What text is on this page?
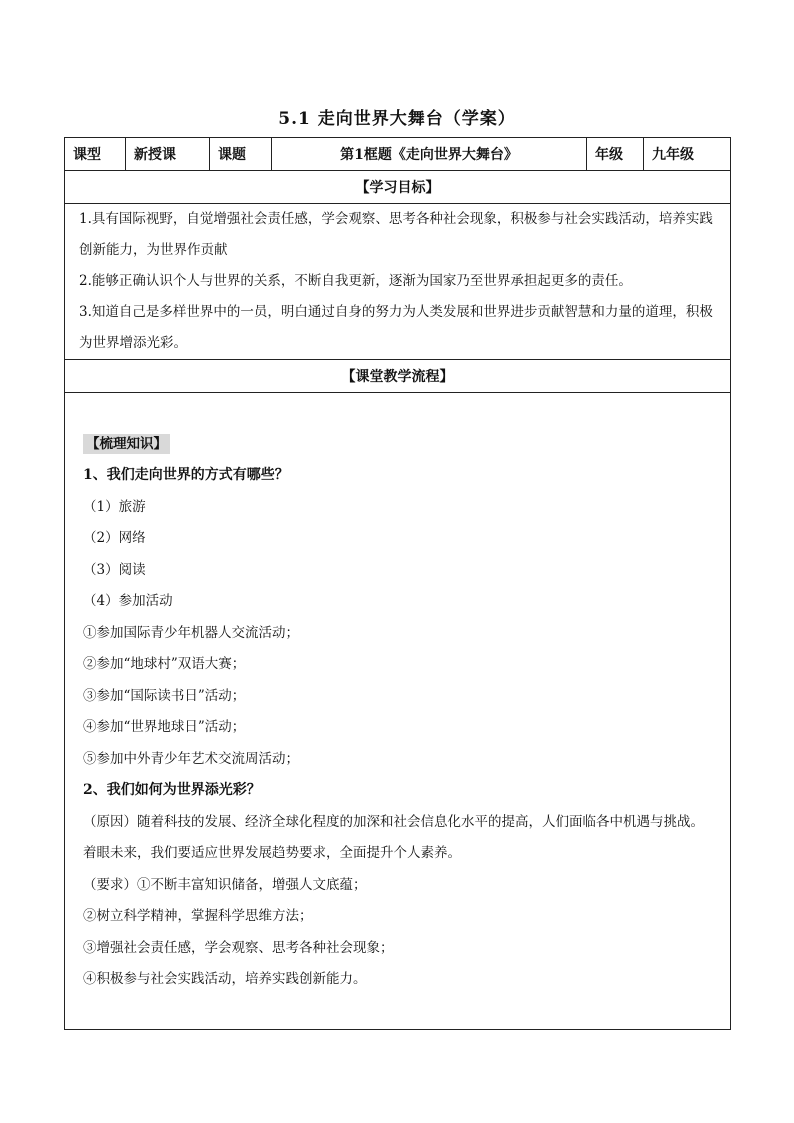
5.1 走向世界大舞台（学案）
课型	新授课	课题	第1框题《走向世界大舞台》	年级	九年级
【学习目标】

1.具有国际视野，自觉增强社会责任感，学会观察、思考各种社会现象，积极参与社会实践活动，培养实践创新能力，为世界作贡献
2.能够正确认识个人与世界的关系，不断自我更新，逐渐为国家乃至世界承担起更多的责任。
3.知道自己是多样世界中的一员，明白通过自身的努力为人类发展和世界进步贡献智慧和力量的道理，积极为世界增添光彩。

【课堂教学流程】

【梳理知识】
1、我们走向世界的方式有哪些？
（1）旅游
（2）网络
（3）阅读
（4）参加活动
①参加国际青少年机器人交流活动；
②参加“地球村”双语大赛；
③参加“国际读书日”活动；
④参加“世界地球日”活动；
⑤参加中外青少年艺术交流周活动；
2、我们如何为世界添光彩？
（原因）随着科技的发展、经济全球化程度的加深和社会信息化水平的提高，人们面临各中机遇与挑战。
着眼未来，我们要适应世界发展趋势要求，全面提升个人素养。
（要求）①不断丰富知识储备，增强人文底蕴；
②树立科学精神，掌握科学思维方法；
③增强社会责任感，学会观察、思考各种社会现象；
④积极参与社会实践活动，培养实践创新能力。
